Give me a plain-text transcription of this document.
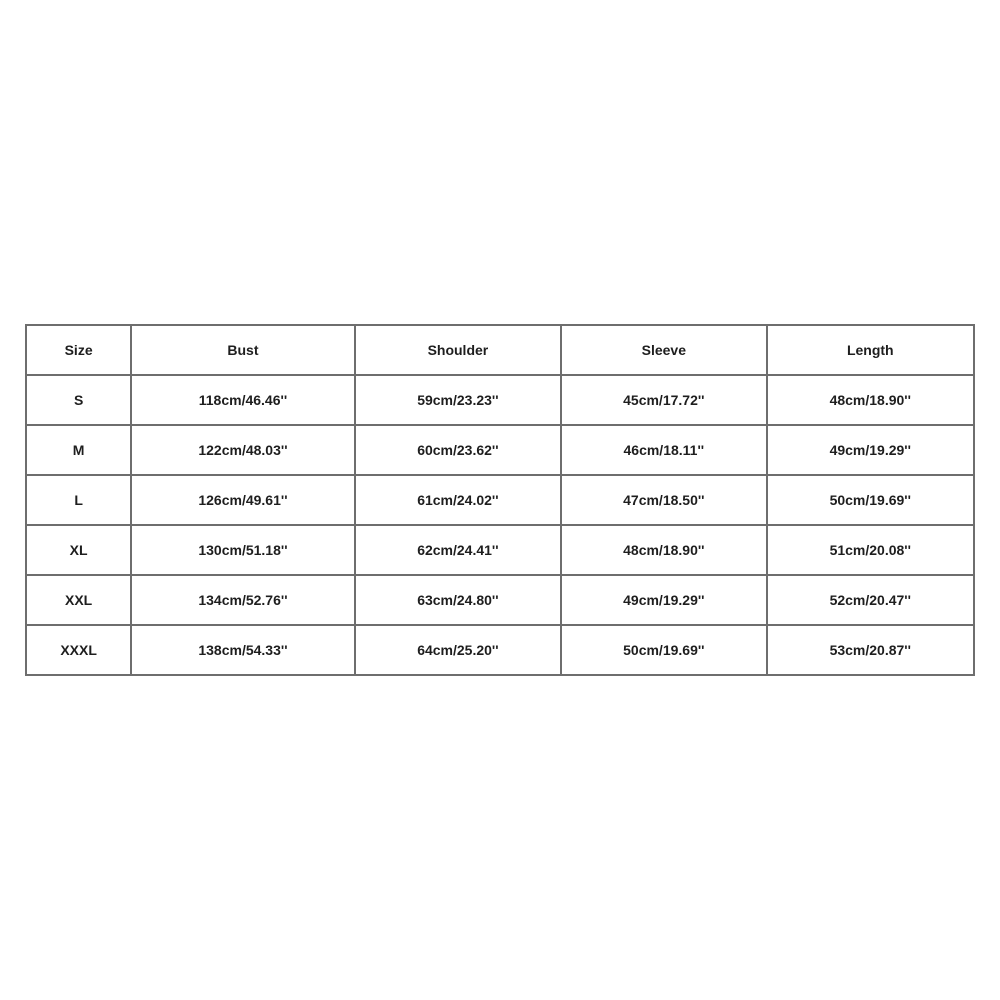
Size	Bust	Shoulder	Sleeve	Length
S	118cm/46.46''	59cm/23.23''	45cm/17.72''	48cm/18.90''
M	122cm/48.03''	60cm/23.62''	46cm/18.11''	49cm/19.29''
L	126cm/49.61''	61cm/24.02''	47cm/18.50''	50cm/19.69''
XL	130cm/51.18''	62cm/24.41''	48cm/18.90''	51cm/20.08''
XXL	134cm/52.76''	63cm/24.80''	49cm/19.29''	52cm/20.47''
XXXL	138cm/54.33''	64cm/25.20''	50cm/19.69''	53cm/20.87''
